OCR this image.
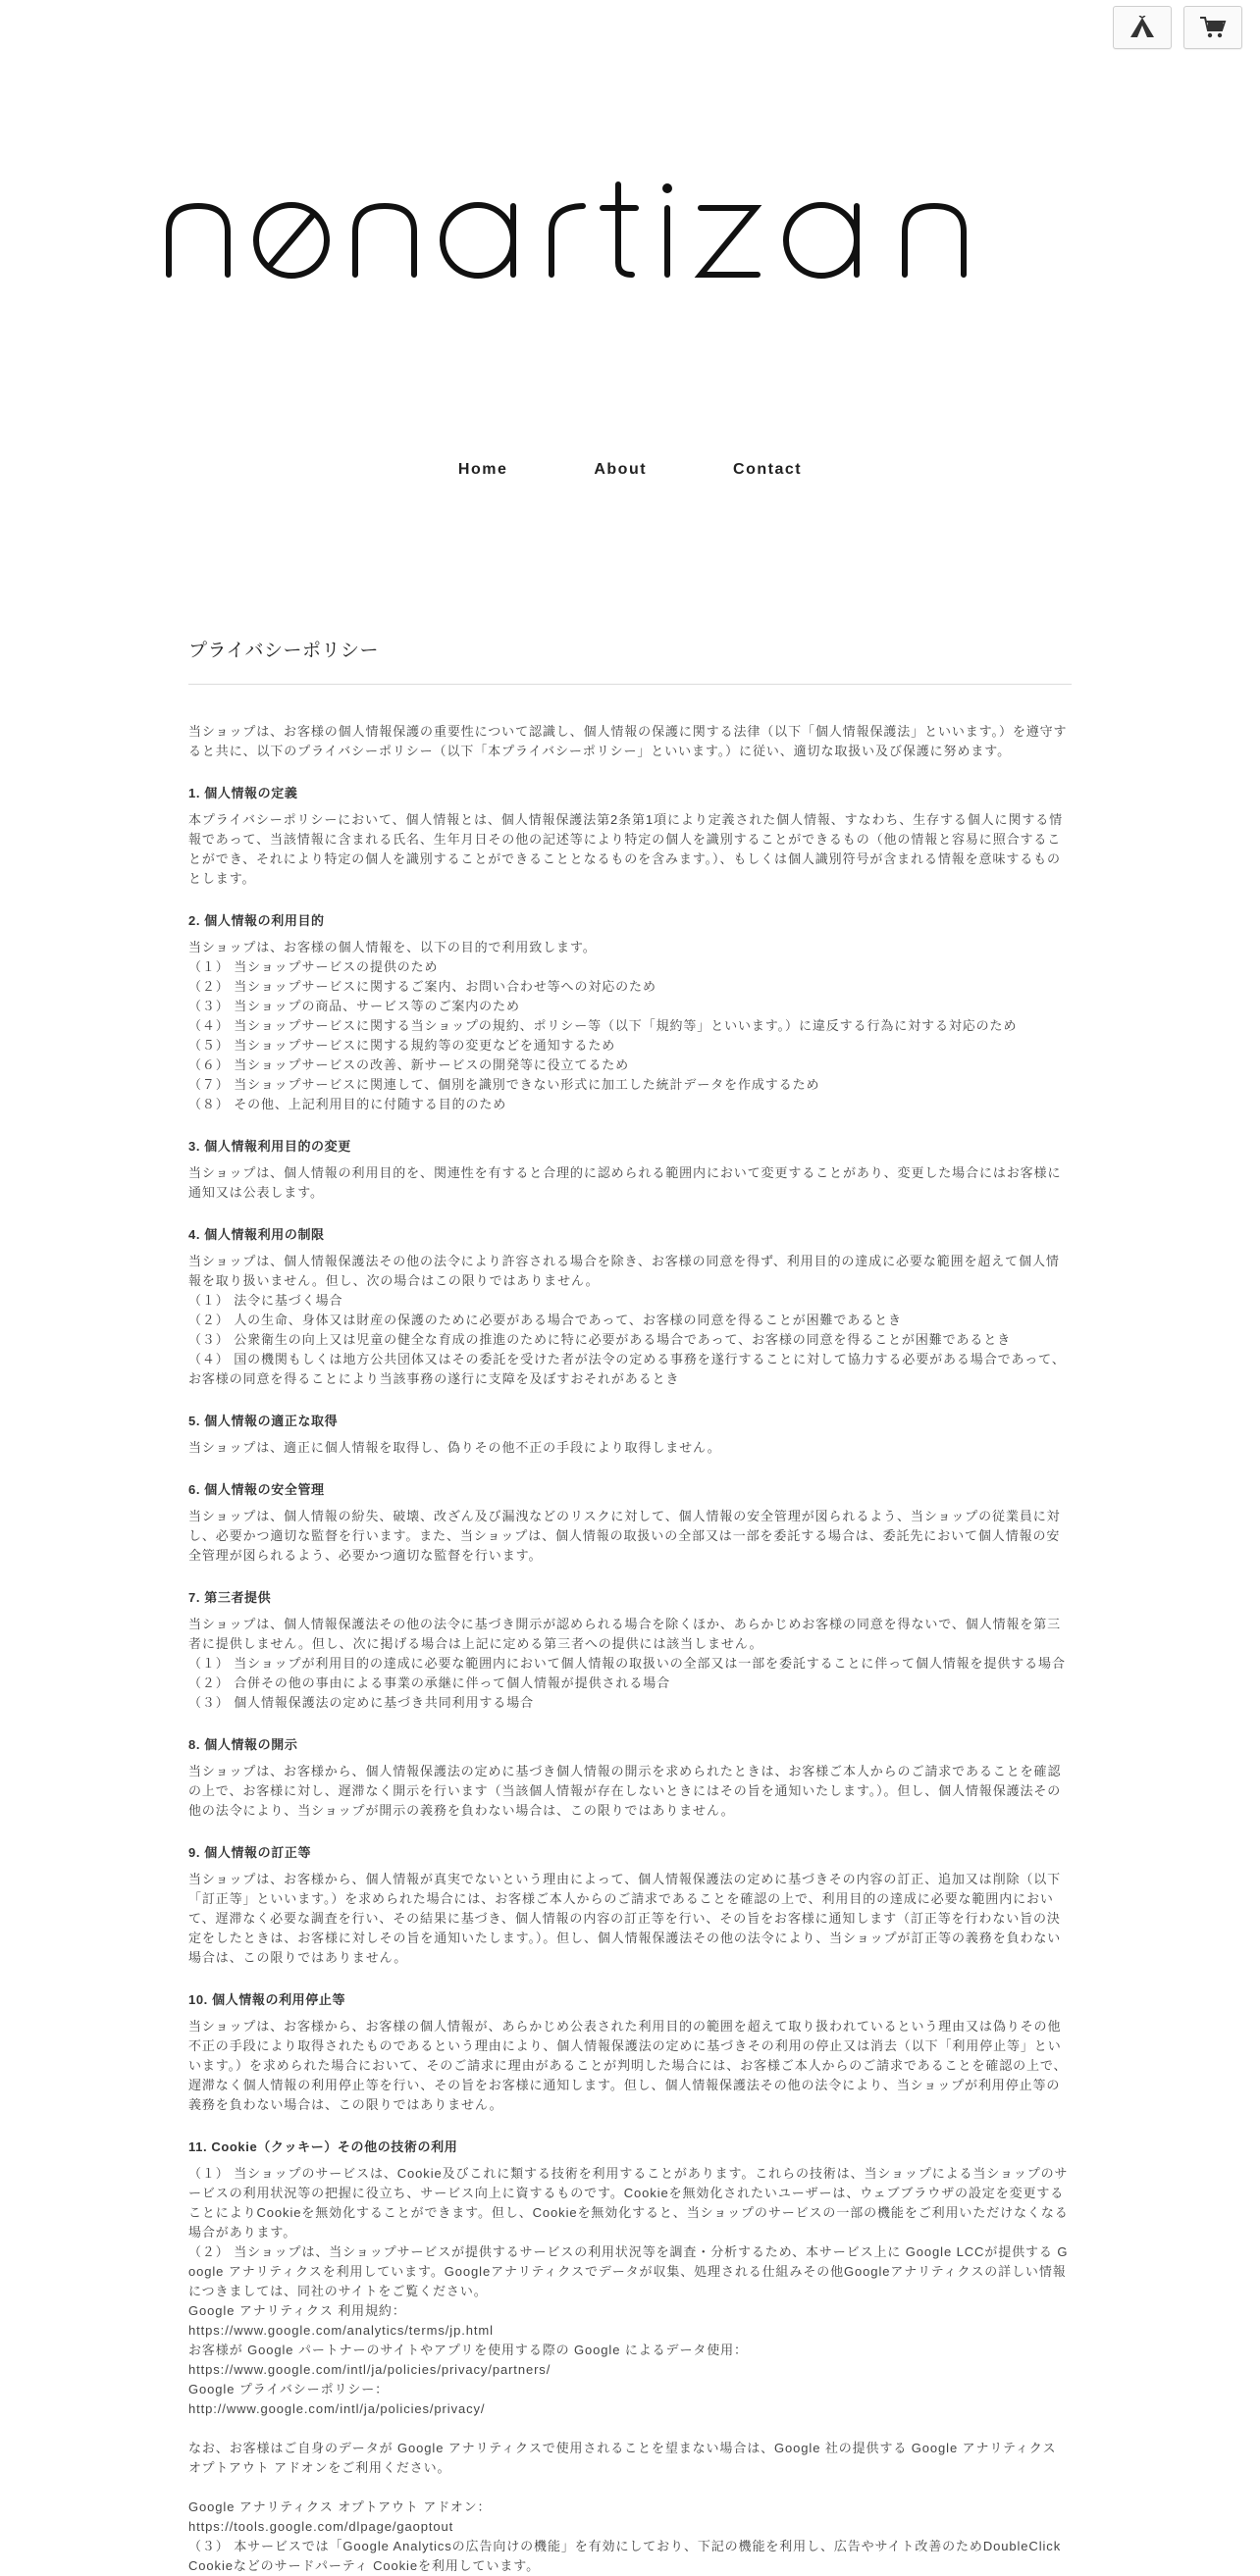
Home	About	Contact
プライバシーポリシー

当ショップは、お客様の個人情報保護の重要性について認識し、個人情報の保護に関する法律（以下「個人情報保護法」といいます。）を遵守すると共に、以下のプライバシーポリシー（以下「本プライバシーポリシー」といいます。）に従い、適切な取扱い及び保護に努めます。

1. 個人情報の定義

本プライバシーポリシーにおいて、個人情報とは、個人情報保護法第2条第1項により定義された個人情報、すなわち、生存する個人に関する情報であって、当該情報に含まれる氏名、生年月日その他の記述等により特定の個人を識別することができるもの（他の情報と容易に照合することができ、それにより特定の個人を識別することができることとなるものを含みます。）、もしくは個人識別符号が含まれる情報を意味するものとします。

2. 個人情報の利用目的

当ショップは、お客様の個人情報を、以下の目的で利用致します。

（１） 当ショップサービスの提供のため

（２） 当ショップサービスに関するご案内、お問い合わせ等への対応のため

（３） 当ショップの商品、サービス等のご案内のため

（４） 当ショップサービスに関する当ショップの規約、ポリシー等（以下「規約等」といいます。）に違反する行為に対する対応のため

（５） 当ショップサービスに関する規約等の変更などを通知するため

（６） 当ショップサービスの改善、新サービスの開発等に役立てるため

（７） 当ショップサービスに関連して、個別を識別できない形式に加工した統計データを作成するため

（８） その他、上記利用目的に付随する目的のため

3. 個人情報利用目的の変更

当ショップは、個人情報の利用目的を、関連性を有すると合理的に認められる範囲内において変更することがあり、変更した場合にはお客様に通知又は公表します。

4. 個人情報利用の制限

当ショップは、個人情報保護法その他の法令により許容される場合を除き、お客様の同意を得ず、利用目的の達成に必要な範囲を超えて個人情報を取り扱いません。但し、次の場合はこの限りではありません。

（１） 法令に基づく場合

（２） 人の生命、身体又は財産の保護のために必要がある場合であって、お客様の同意を得ることが困難であるとき

（３） 公衆衛生の向上又は児童の健全な育成の推進のために特に必要がある場合であって、お客様の同意を得ることが困難であるとき

（４） 国の機関もしくは地方公共団体又はその委託を受けた者が法令の定める事務を遂行することに対して協力する必要がある場合であって、お客様の同意を得ることにより当該事務の遂行に支障を及ぼすおそれがあるとき

5. 個人情報の適正な取得

当ショップは、適正に個人情報を取得し、偽りその他不正の手段により取得しません。

6. 個人情報の安全管理

当ショップは、個人情報の紛失、破壊、改ざん及び漏洩などのリスクに対して、個人情報の安全管理が図られるよう、当ショップの従業員に対し、必要かつ適切な監督を行います。また、当ショップは、個人情報の取扱いの全部又は一部を委託する場合は、委託先において個人情報の安全管理が図られるよう、必要かつ適切な監督を行います。

7. 第三者提供

当ショップは、個人情報保護法その他の法令に基づき開示が認められる場合を除くほか、あらかじめお客様の同意を得ないで、個人情報を第三者に提供しません。但し、次に掲げる場合は上記に定める第三者への提供には該当しません。

（１） 当ショップが利用目的の達成に必要な範囲内において個人情報の取扱いの全部又は一部を委託することに伴って個人情報を提供する場合

（２） 合併その他の事由による事業の承継に伴って個人情報が提供される場合

（３） 個人情報保護法の定めに基づき共同利用する場合

8. 個人情報の開示

当ショップは、お客様から、個人情報保護法の定めに基づき個人情報の開示を求められたときは、お客様ご本人からのご請求であることを確認の上で、お客様に対し、遅滞なく開示を行います（当該個人情報が存在しないときにはその旨を通知いたします。）。但し、個人情報保護法その他の法令により、当ショップが開示の義務を負わない場合は、この限りではありません。

9. 個人情報の訂正等

当ショップは、お客様から、個人情報が真実でないという理由によって、個人情報保護法の定めに基づきその内容の訂正、追加又は削除（以下「訂正等」といいます。）を求められた場合には、お客様ご本人からのご請求であることを確認の上で、利用目的の達成に必要な範囲内において、遅滞なく必要な調査を行い、その結果に基づき、個人情報の内容の訂正等を行い、その旨をお客様に通知します（訂正等を行わない旨の決定をしたときは、お客様に対しその旨を通知いたします。）。但し、個人情報保護法その他の法令により、当ショップが訂正等の義務を負わない場合は、この限りではありません。

10. 個人情報の利用停止等

当ショップは、お客様から、お客様の個人情報が、あらかじめ公表された利用目的の範囲を超えて取り扱われているという理由又は偽りその他不正の手段により取得されたものであるという理由により、個人情報保護法の定めに基づきその利用の停止又は消去（以下「利用停止等」といいます。）を求められた場合において、そのご請求に理由があることが判明した場合には、お客様ご本人からのご請求であることを確認の上で、遅滞なく個人情報の利用停止等を行い、その旨をお客様に通知します。但し、個人情報保護法その他の法令により、当ショップが利用停止等の義務を負わない場合は、この限りではありません。

11. Cookie（クッキー）その他の技術の利用

（１） 当ショップのサービスは、Cookie及びこれに類する技術を利用することがあります。これらの技術は、当ショップによる当ショップのサービスの利用状況等の把握に役立ち、サービス向上に資するものです。Cookieを無効化されたいユーザーは、ウェブブラウザの設定を変更することによりCookieを無効化することができます。但し、Cookieを無効化すると、当ショップのサービスの一部の機能をご利用いただけなくなる場合があります。

（２） 当ショップは、当ショップサービスが提供するサービスの利用状況等を調査・分析するため、本サービス上に Google LCCが提供する Google アナリティクスを利用しています。Googleアナリティクスでデータが収集、処理される仕組みその他Googleアナリティクスの詳しい情報につきましては、同社のサイトをご覧ください。

Google アナリティクス 利用規約：

https://www.google.com/analytics/terms/jp.html

お客様が Google パートナーのサイトやアプリを使用する際の Google によるデータ使用：

https://www.google.com/intl/ja/policies/privacy/partners/

Google プライバシーポリシー：

http://www.google.com/intl/ja/policies/privacy/

なお、お客様はご自身のデータが Google アナリティクスで使用されることを望まない場合は、Google 社の提供する Google アナリティクス オプトアウト アドオンをご利用ください。

Google アナリティクス オプトアウト アドオン：

https://tools.google.com/dlpage/gaoptout

（３） 本サービスでは「Google Analyticsの広告向けの機能」を有効にしており、下記の機能を利用し、広告やサイト改善のためDoubleClick Cookieなどのサードパーティ Cookieを利用しています。
